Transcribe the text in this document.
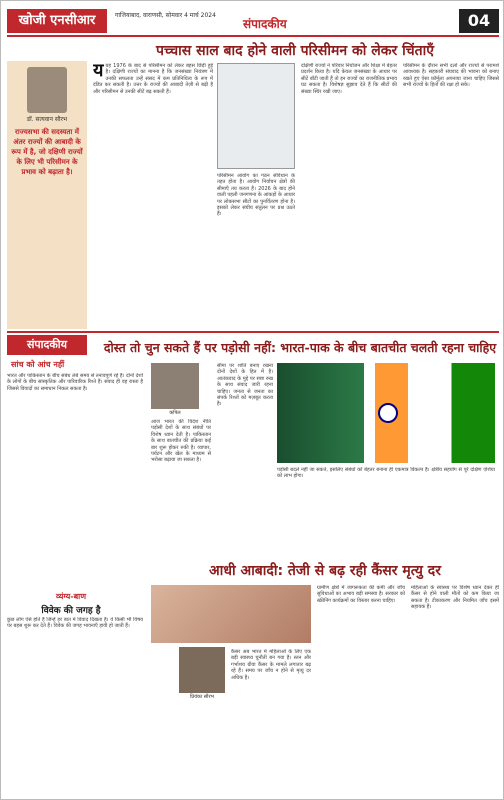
खोजी एनसीआर	गाजियाबाद, वाराणसी, सोमवार 4 मार्च 2024
संपादकीय	04
पच्चास साल बाद होने वाली परिसीमन को लेकर चिंताएँ
डॉ. सत्यवान सौरभ
राज्यसभा की सदस्यता में अंतर राज्यों की आबादी के रूप में है, जो दक्षिणी राज्यों के लिए भी परिसीमन के प्रभाव को बढ़ाता है।
ययह 1976 के बाद से परिसीमन को लेकर बहस छिड़ी हुई है। दक्षिणी राज्यों का मानना है कि जनसंख्या नियंत्रण में उनकी सफलता उन्हें संसद में कम प्रतिनिधित्व के रूप में दंडित कर सकती है। उत्तर के राज्यों की आबादी तेज़ी से बढ़ी है और परिसीमन से उनकी सीटें बढ़ सकती हैं।
परिसीमन आयोग का गठन संविधान के तहत होता है। आयोग निर्वाचन क्षेत्रों की सीमाएँ तय करता है। 2026 के बाद होने वाली पहली जनगणना के आंकड़ों के आधार पर लोकसभा सीटों का पुनर्वितरण होना है। इसको लेकर संघीय संतुलन पर प्रश्न उठते हैं।
दक्षिणी राज्यों ने परिवार नियोजन और शिक्षा में बेहतर प्रदर्शन किया है। यदि केवल जनसंख्या के आधार पर सीटें बाँटी जाती हैं तो इन राज्यों का राजनीतिक प्रभाव घट सकता है। विशेषज्ञ सुझाव देते हैं कि सीटों की संख्या स्थिर रखी जाए।
परिसीमन के दौरान सभी दलों और राज्यों से परामर्श आवश्यक है। सहकारी संघवाद की भावना को बनाए रखते हुए ऐसा फ़ॉर्मूला अपनाया जाना चाहिए जिससे सभी राज्यों के हितों की रक्षा हो सके।
संपादकीय	दोस्त तो चुन सकते हैं पर पड़ोसी नहीं: भारत-पाक के बीच बातचीत चलती रहना चाहिए
सांच को आंच नहीं
भारत और पाकिस्तान के बीच संबंध लंबे समय से तनावपूर्ण रहे हैं। दोनों देशों के लोगों के बीच सांस्कृतिक और पारिवारिक रिश्ते हैं। संवाद ही वह रास्ता है जिससे विवादों का समाधान निकल सकता है।
कपिल
आज भारत की विदेश नीति पड़ोसी देशों के साथ संबंधों पर विशेष ध्यान देती है। पाकिस्तान के साथ बातचीत की प्रक्रिया कई बार शुरू होकर रुकी है। व्यापार, पर्यटन और खेल के माध्यम से भरोसा बढ़ाया जा सकता है।
सीमा पर शांति बनाए रखना दोनों देशों के हित में है। आतंकवाद के मुद्दे पर स्पष्ट रुख के साथ संवाद जारी रहना चाहिए। जनता से जनता का संपर्क रिश्तों को मज़बूत करता है।
पड़ोसी बदले नहीं जा सकते, इसलिए संबंधों को बेहतर बनाना ही एकमात्र विकल्प है। क्षेत्रीय सहयोग से पूरे दक्षिण एशिया को लाभ होगा।
व्यंग्य-बाण
विवेक की जगह है
कुछ लोग ऐसे होते हैं जिन्हें हर बात में विवाद दिखता है। वे किसी भी विषय पर बहस शुरू कर देते हैं। विवेक की जगह भावनाएँ हावी हो जाती हैं।
आधी आबादी: तेजी से बढ़ रही कैंसर मृत्यु दर
प्रियंका सौरभ
कैंसर अब भारत में महिलाओं के लिए एक बड़ी स्वास्थ्य चुनौती बन गया है। स्तन और गर्भाशय ग्रीवा कैंसर के मामले लगातार बढ़ रहे हैं। समय पर जाँच न होने से मृत्यु दर अधिक है।
ग्रामीण क्षेत्रों में जागरूकता की कमी और जाँच सुविधाओं का अभाव बड़ी समस्या है। सरकार को स्क्रीनिंग कार्यक्रमों का विस्तार करना चाहिए।
महिलाओं के स्वास्थ्य पर विशेष ध्यान देकर ही कैंसर से होने वाली मौतों को कम किया जा सकता है। टीकाकरण और नियमित जाँच इसमें सहायक हैं।
